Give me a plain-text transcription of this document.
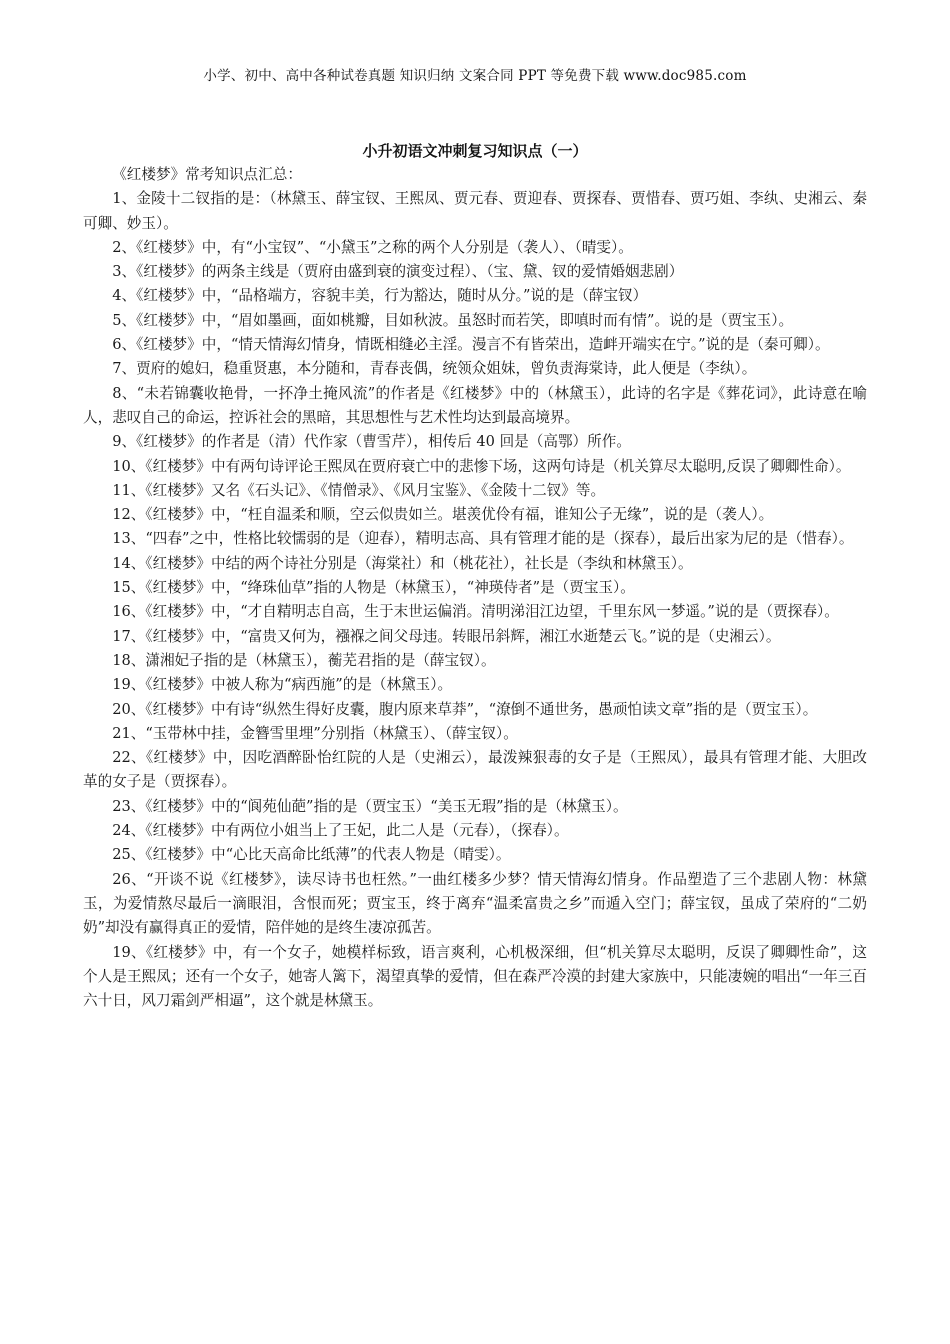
小学、初中、高中各种试卷真题 知识归纳 文案合同 PPT 等免费下载 www.doc985.com
小升初语文冲刺复习知识点（一）

《红楼梦》常考知识点汇总：

1、金陵十二钗指的是：（林黛玉、薛宝钗、王熙凤、贾元春、贾迎春、贾探春、贾惜春、贾巧姐、李纨、史湘云、秦可卿、妙玉）。

2、《红楼梦》中，有“小宝钗”、“小黛玉”之称的两个人分别是（袭人）、（晴雯）。

3、《红楼梦》的两条主线是（贾府由盛到衰的演变过程）、（宝、黛、钗的爱情婚姻悲剧）

4、《红楼梦》中，“品格端方，容貌丰美，行为豁达，随时从分。”说的是（薛宝钗）

5、《红楼梦》中，“眉如墨画，面如桃瓣，目如秋波。虽怒时而若笑，即嗔时而有情”。说的是（贾宝玉）。

6、《红楼梦》中，“情天情海幻情身，情既相缝必主淫。漫言不有皆荣出，造衅开端实在宁。”说的是（秦可卿）。

7、贾府的媳妇，稳重贤惠，本分随和，青春丧偶，统领众姐妹，曾负责海棠诗，此人便是（李纨）。

8、“未若锦囊收艳骨，一抔净土掩风流”的作者是《红楼梦》中的（林黛玉），此诗的名字是《葬花词》，此诗意在喻人，悲叹自己的命运，控诉社会的黑暗，其思想性与艺术性均达到最高境界。

9、《红楼梦》的作者是（清）代作家（曹雪芹），相传后 40 回是（高鄂）所作。

10、《红楼梦》中有两句诗评论王熙凤在贾府衰亡中的悲惨下场，这两句诗是（机关算尽太聪明,反误了卿卿性命）。

11、《红楼梦》又名《石头记》、《情僧录》、《风月宝鉴》、《金陵十二钗》等。

12、《红楼梦》中，“枉自温柔和顺，空云似贵如兰。堪羡优伶有福，谁知公子无缘”，说的是（袭人）。

13、“四春”之中，性格比较懦弱的是（迎春），精明志高、具有管理才能的是（探春），最后出家为尼的是（惜春）。

14、《红楼梦》中结的两个诗社分别是（海棠社）和（桃花社），社长是（李纨和林黛玉）。

15、《红楼梦》中，“绛珠仙草”指的人物是（林黛玉），“神瑛侍者”是（贾宝玉）。

16、《红楼梦》中，“才自精明志自高，生于末世运偏消。清明涕泪江边望，千里东风一梦遥。”说的是（贾探春）。

17、《红楼梦》中，“富贵又何为，襁褓之间父母违。转眼吊斜辉，湘江水逝楚云飞。”说的是（史湘云）。

18、潇湘妃子指的是（林黛玉），蘅芜君指的是（薛宝钗）。

19、《红楼梦》中被人称为“病西施”的是（林黛玉）。

20、《红楼梦》中有诗“纵然生得好皮囊，腹内原来草莽”，“潦倒不通世务，愚顽怕读文章”指的是（贾宝玉）。

21、“玉带林中挂，金簪雪里埋”分别指（林黛玉）、（薛宝钗）。

22、《红楼梦》中，因吃酒醉卧怡红院的人是（史湘云），最泼辣狠毒的女子是（王熙凤），最具有管理才能、大胆改革的女子是（贾探春）。

23、《红楼梦》中的“阆苑仙葩”指的是（贾宝玉）“美玉无瑕”指的是（林黛玉）。

24、《红楼梦》中有两位小姐当上了王妃，此二人是（元春），（探春）。

25、《红楼梦》中“心比天高命比纸薄”的代表人物是（晴雯）。

26、“开谈不说《红楼梦》，读尽诗书也枉然。”一曲红楼多少梦？情天情海幻情身。作品塑造了三个悲剧人物：林黛玉，为爱情熬尽最后一滴眼泪，含恨而死；贾宝玉，终于离弃“温柔富贵之乡”而遁入空门；薛宝钗，虽成了荣府的“二奶奶”却没有赢得真正的爱情，陪伴她的是终生凄凉孤苦。

19、《红楼梦》中，有一个女子，她模样标致，语言爽利，心机极深细，但“机关算尽太聪明，反误了卿卿性命”，这个人是王熙凤；还有一个女子，她寄人篱下，渴望真挚的爱情，但在森严冷漠的封建大家族中，只能凄婉的唱出“一年三百六十日，风刀霜剑严相逼”，这个就是林黛玉。
